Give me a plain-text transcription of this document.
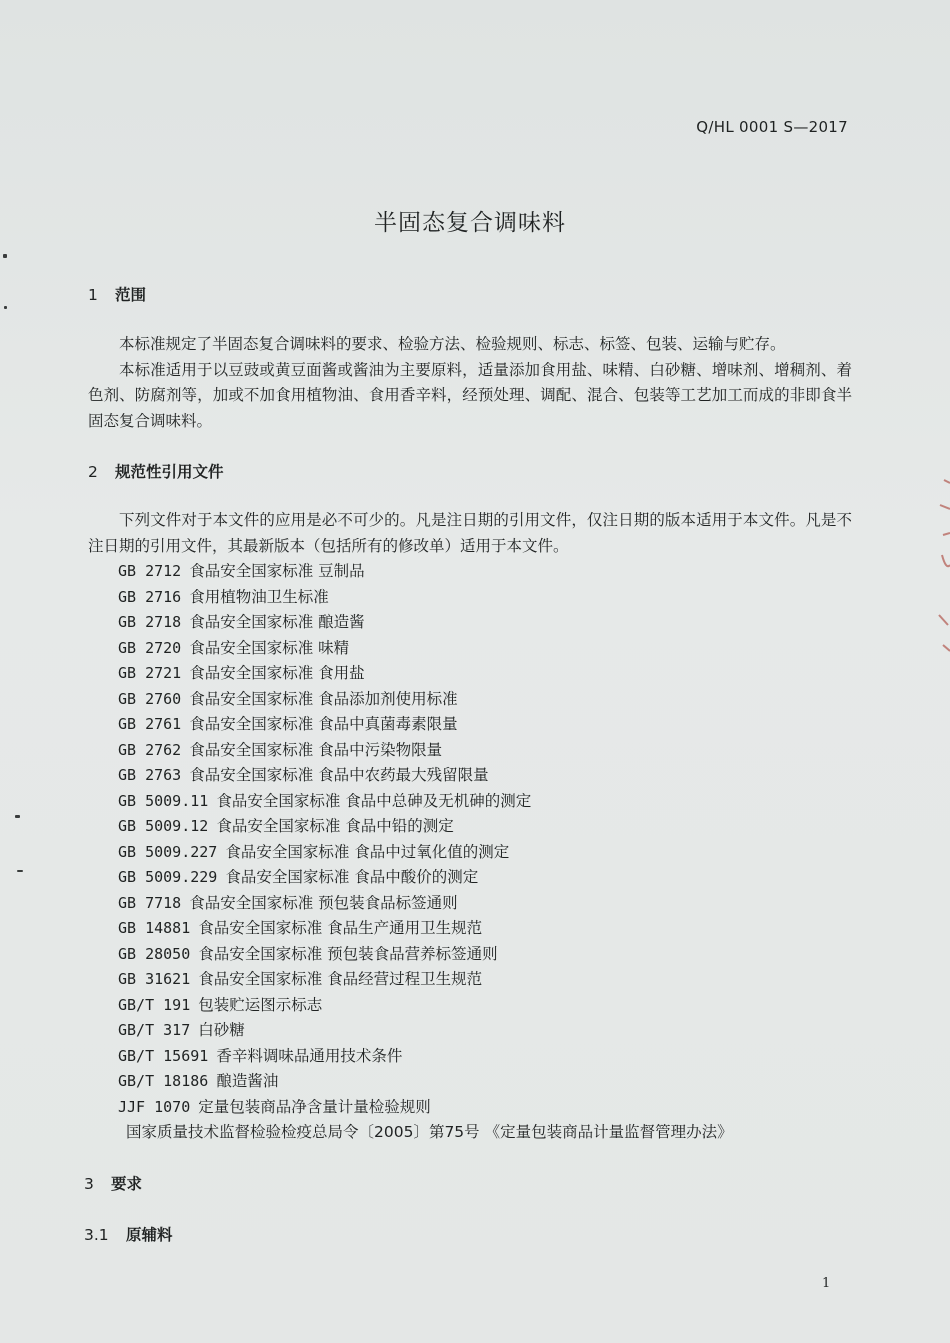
Q/HL 0001 S—2017
半固态复合调味料
1 范围

本标准规定了半固态复合调味料的要求、检验方法、检验规则、标志、标签、包装、运输与贮存。

本标准适用于以豆豉或黄豆面酱或酱油为主要原料，适量添加食用盐、味精、白砂糖、增味剂、增稠剂、着色剂、防腐剂等，加或不加食用植物油、食用香辛料，经预处理、调配、混合、包装等工艺加工而成的非即食半固态复合调味料。

2 规范性引用文件

下列文件对于本文件的应用是必不可少的。凡是注日期的引用文件，仅注日期的版本适用于本文件。凡是不注日期的引用文件，其最新版本（包括所有的修改单）适用于本文件。

GB 2712 食品安全国家标准 豆制品
GB 2716 食用植物油卫生标准
GB 2718 食品安全国家标准 酿造酱
GB 2720 食品安全国家标准 味精
GB 2721 食品安全国家标准 食用盐
GB 2760 食品安全国家标准 食品添加剂使用标准
GB 2761 食品安全国家标准 食品中真菌毒素限量
GB 2762 食品安全国家标准 食品中污染物限量
GB 2763 食品安全国家标准 食品中农药最大残留限量
GB 5009.11 食品安全国家标准 食品中总砷及无机砷的测定
GB 5009.12 食品安全国家标准 食品中铅的测定
GB 5009.227 食品安全国家标准 食品中过氧化值的测定
GB 5009.229 食品安全国家标准 食品中酸价的测定
GB 7718 食品安全国家标准 预包装食品标签通则
GB 14881 食品安全国家标准 食品生产通用卫生规范
GB 28050 食品安全国家标准 预包装食品营养标签通则
GB 31621 食品安全国家标准 食品经营过程卫生规范
GB/T 191 包装贮运图示标志
GB/T 317 白砂糖
GB/T 15691 香辛料调味品通用技术条件
GB/T 18186 酿造酱油
JJF 1070 定量包装商品净含量计量检验规则
国家质量技术监督检验检疫总局令〔2005〕第75号 《定量包装商品计量监督管理办法》
3 要求
3.1 原辅料
1
